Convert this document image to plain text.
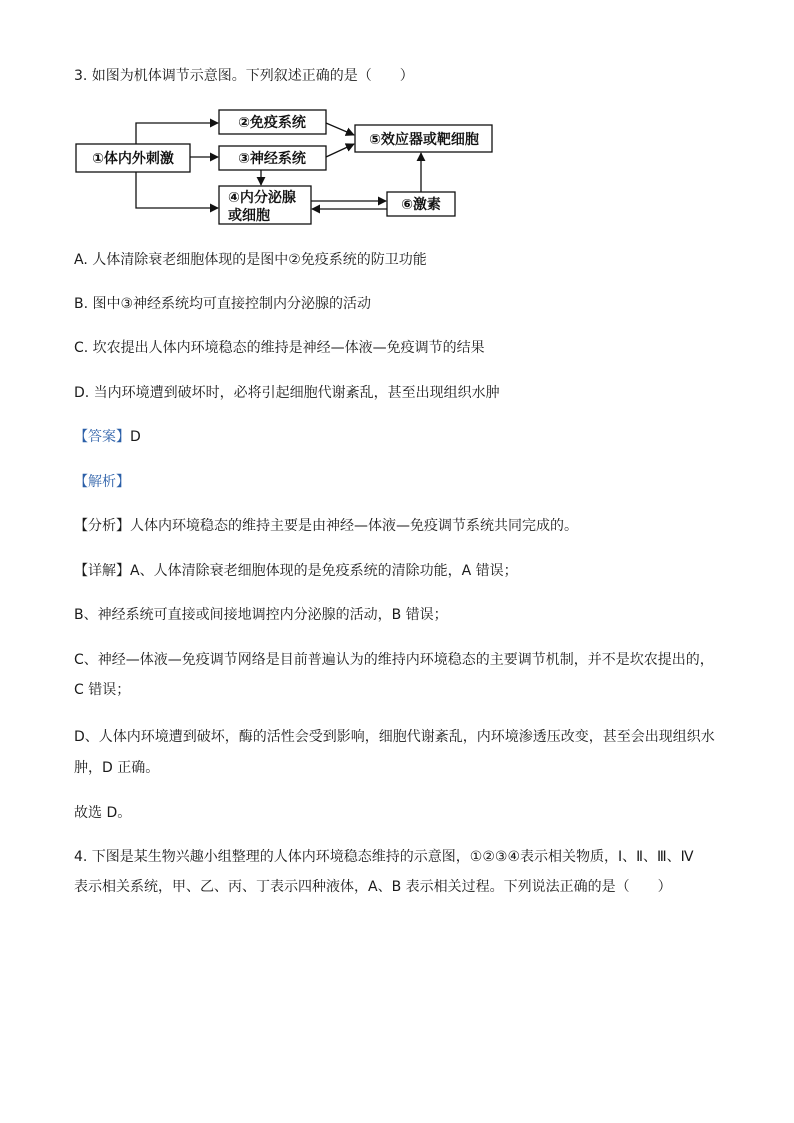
3. 如图为机体调节示意图。下列叙述正确的是（　　）

①体内外刺激
②免疫系统
③神经系统
④内分泌腺
或细胞
⑥激素
⑤效应器或靶细胞

A. 人体清除衰老细胞体现的是图中②免疫系统的防卫功能

B. 图中③神经系统均可直接控制内分泌腺的活动

C. 坎农提出人体内环境稳态的维持是神经—体液—免疫调节的结果

D. 当内环境遭到破坏时，必将引起细胞代谢紊乱，甚至出现组织水肿

【答案】D

【解析】

【分析】人体内环境稳态的维持主要是由神经—体液—免疫调节系统共同完成的。

【详解】A、人体清除衰老细胞体现的是免疫系统的清除功能，A 错误；

B、神经系统可直接或间接地调控内分泌腺的活动，B 错误；

C、神经—体液—免疫调节网络是目前普遍认为的维持内环境稳态的主要调节机制，并不是坎农提出的，

C 错误；

D、人体内环境遭到破坏，酶的活性会受到影响，细胞代谢紊乱，内环境渗透压改变，甚至会出现组织水

肿，D 正确。

故选 D。

4. 下图是某生物兴趣小组整理的人体内环境稳态维持的示意图，①②③④表示相关物质，Ⅰ、Ⅱ、Ⅲ、Ⅳ

表示相关系统，甲、乙、丙、丁表示四种液体，A、B 表示相关过程。下列说法正确的是（　　）
